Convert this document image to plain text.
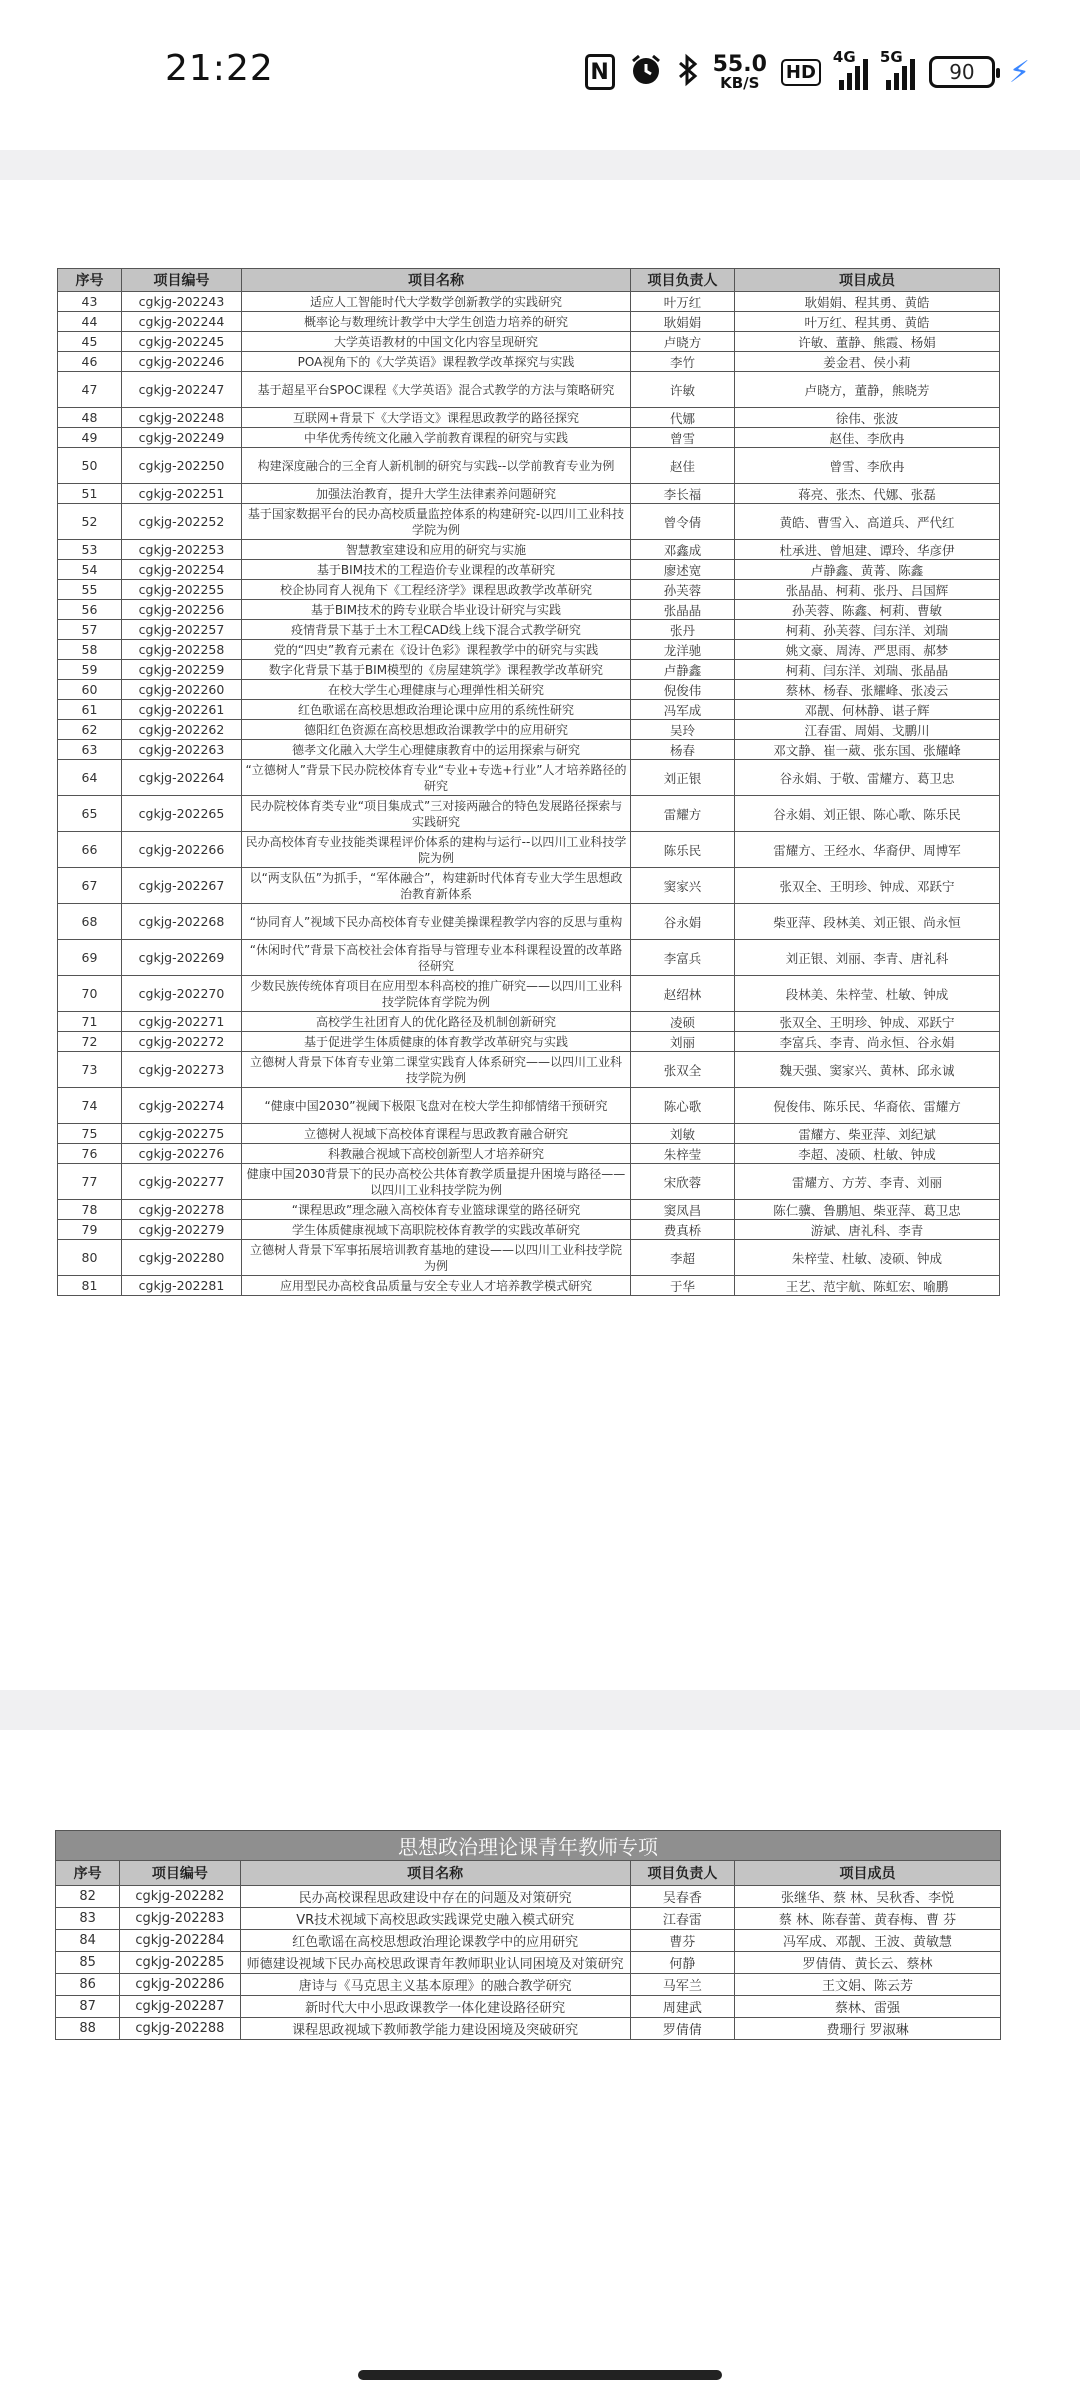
21:22	N	55.0
KB/S
HD
4G 5G
90 ⚡
序号	项目编号	项目名称	项目负责人	项目成员
43	cgkjg-202243	适应人工智能时代大学数学创新教学的实践研究	叶万红	耿娟娟、程其勇、黄皓
44	cgkjg-202244	概率论与数理统计教学中大学生创造力培养的研究	耿娟娟	叶万红、程其勇、黄皓
45	cgkjg-202245	大学英语教材的中国文化内容呈现研究	卢晓方	许敏、董静、熊霞、杨娟
46	cgkjg-202246	POA视角下的《大学英语》课程教学改革探究与实践	李竹	姜金君、侯小莉
47	cgkjg-202247	基于超星平台SPOC课程《大学英语》混合式教学的方法与策略研究	许敏	卢晓方，董静，熊晓芳
48	cgkjg-202248	互联网+背景下《大学语文》课程思政教学的路径探究	代娜	徐伟、张波
49	cgkjg-202249	中华优秀传统文化融入学前教育课程的研究与实践	曾雪	赵佳、李欣冉
50	cgkjg-202250	构建深度融合的三全育人新机制的研究与实践--以学前教育专业为例	赵佳	曾雪、李欣冉
51	cgkjg-202251	加强法治教育，提升大学生法律素养问题研究	李长福	蒋亮、张杰、代娜、张磊
52	cgkjg-202252	基于国家数据平台的民办高校质量监控体系的构建研究-以四川工业科技学院为例	曾令倩	黄皓、曹雪入、高道兵、严代红
53	cgkjg-202253	智慧教室建设和应用的研究与实施	邓鑫成	杜承进、曾旭建、谭玲、华彦伊
54	cgkjg-202254	基于BIM技术的工程造价专业课程的改革研究	廖述宽	卢静鑫、黄菁、陈鑫
55	cgkjg-202255	校企协同育人视角下《工程经济学》课程思政教学改革研究	孙芙蓉	张晶晶、柯莉、张丹、吕国辉
56	cgkjg-202256	基于BIM技术的跨专业联合毕业设计研究与实践	张晶晶	孙芙蓉、陈鑫、柯莉、曹敏
57	cgkjg-202257	疫情背景下基于土木工程CAD线上线下混合式教学研究	张丹	柯莉、孙芙蓉、闫东洋、刘瑞
58	cgkjg-202258	党的“四史”教育元素在《设计色彩》课程教学中的研究与实践	龙洋驰	姚文豪、周涛、严思雨、郝梦
59	cgkjg-202259	数字化背景下基于BIM模型的《房屋建筑学》课程教学改革研究	卢静鑫	柯莉、闫东洋、刘瑞、张晶晶
60	cgkjg-202260	在校大学生心理健康与心理弹性相关研究	倪俊伟	蔡林、杨春、张耀峰、张凌云
61	cgkjg-202261	红色歌谣在高校思想政治理论课中应用的系统性研究	冯军成	邓靓、何林静、谌子辉
62	cgkjg-202262	德阳红色资源在高校思想政治课教学中的应用研究	吴玲	江春雷、周娟、戈鹏川
63	cgkjg-202263	德孝文化融入大学生心理健康教育中的运用探索与研究	杨春	邓文静、崔一葳、张东国、张耀峰
64	cgkjg-202264	“立德树人”背景下民办院校体育专业“专业+专选+行业”人才培养路径的研究	刘正银	谷永娟、于敬、雷耀方、葛卫忠
65	cgkjg-202265	民办院校体育类专业“项目集成式”三对接两融合的特色发展路径探索与实践研究	雷耀方	谷永娟、刘正银、陈心歌、陈乐民
66	cgkjg-202266	民办高校体育专业技能类课程评价体系的建构与运行--以四川工业科技学院为例	陈乐民	雷耀方、王经水、华裔伊、周博军
67	cgkjg-202267	以“两支队伍”为抓手，“军体融合”，构建新时代体育专业大学生思想政治教育新体系	窦家兴	张双全、王明珍、钟成、邓跃宁
68	cgkjg-202268	“协同育人”视域下民办高校体育专业健美操课程教学内容的反思与重构	谷永娟	柴亚萍、段林美、刘正银、尚永恒
69	cgkjg-202269	“休闲时代”背景下高校社会体育指导与管理专业本科课程设置的改革路径研究	李富兵	刘正银、刘丽、李青、唐礼科
70	cgkjg-202270	少数民族传统体育项目在应用型本科高校的推广研究——以四川工业科技学院体育学院为例	赵绍林	段林美、朱梓莹、杜敏、钟成
71	cgkjg-202271	高校学生社团育人的优化路径及机制创新研究	凌硕	张双全、王明珍、钟成、邓跃宁
72	cgkjg-202272	基于促进学生体质健康的体育教学改革研究与实践	刘丽	李富兵、李青、尚永恒、谷永娟
73	cgkjg-202273	立德树人背景下体育专业第二课堂实践育人体系研究——以四川工业科技学院为例	张双全	魏天强、窦家兴、黄林、邱永诚
74	cgkjg-202274	“健康中国2030”视阈下极限飞盘对在校大学生抑郁情绪干预研究	陈心歌	倪俊伟、陈乐民、华裔依、雷耀方
75	cgkjg-202275	立德树人视域下高校体育课程与思政教育融合研究	刘敏	雷耀方、柴亚萍、刘纪斌
76	cgkjg-202276	科教融合视域下高校创新型人才培养研究	朱梓莹	李超、凌硕、杜敏、钟成
77	cgkjg-202277	健康中国2030背景下的民办高校公共体育教学质量提升困境与路径——以四川工业科技学院为例	宋欣蓉	雷耀方、方芳、李青、刘丽
78	cgkjg-202278	“课程思政”理念融入高校体育专业篮球课堂的路径研究	窦凤昌	陈仁骥、鲁鹏旭、柴亚萍、葛卫忠
79	cgkjg-202279	学生体质健康视域下高职院校体育教学的实践改革研究	费真桥	游斌、唐礼科、李青
80	cgkjg-202280	立德树人背景下军事拓展培训教育基地的建设——以四川工业科技学院为例	李超	朱梓莹、杜敏、凌硕、钟成
81	cgkjg-202281	应用型民办高校食品质量与安全专业人才培养教学模式研究	于华	王艺、范宇航、陈虹宏、喻鹏
思想政治理论课青年教师专项				
序号	项目编号	项目名称	项目负责人	项目成员
82	cgkjg-202282	民办高校课程思政建设中存在的问题及对策研究	吴春香	张继华、蔡 林、吴秋香、李悦
83	cgkjg-202283	VR技术视域下高校思政实践课党史融入模式研究	江春雷	蔡 林、陈春蕾、黄春梅、曹 芬
84	cgkjg-202284	红色歌谣在高校思想政治理论课教学中的应用研究	曹芬	冯军成、邓靓、王波、黄敏慧
85	cgkjg-202285	师德建设视域下民办高校思政课青年教师职业认同困境及对策研究	何静	罗倩倩、黄长云、蔡林
86	cgkjg-202286	唐诗与《马克思主义基本原理》的融合教学研究	马军兰	王文娟、陈云芳
87	cgkjg-202287	新时代大中小思政课教学一体化建设路径研究	周建武	蔡林、雷强
88	cgkjg-202288	课程思政视域下教师教学能力建设困境及突破研究	罗倩倩	费珊行 罗淑琳
